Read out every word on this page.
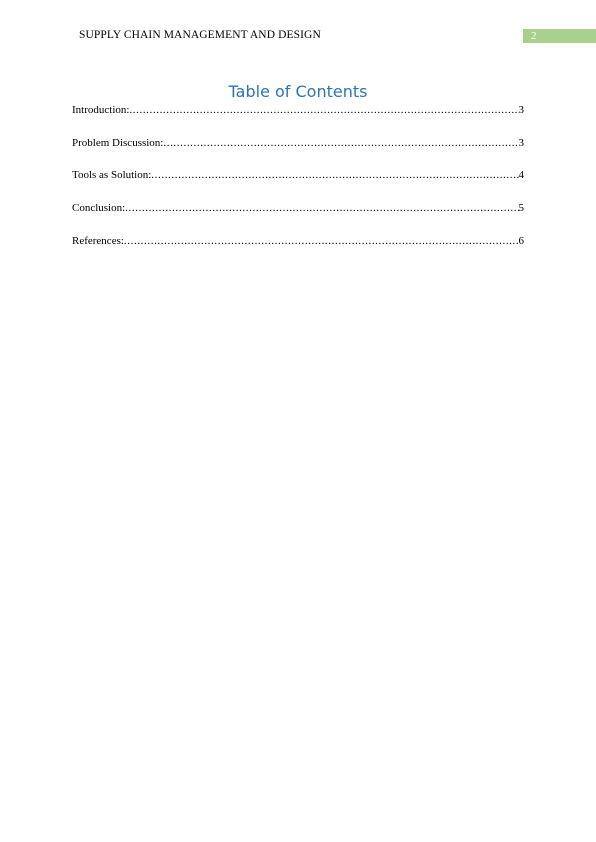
SUPPLY CHAIN MANAGEMENT AND DESIGN	2
Table of Contents
Introduction: .....	3
Problem Discussion: .....	3
Tools as Solution: .....	4
Conclusion: .....	5
References: .....	6
